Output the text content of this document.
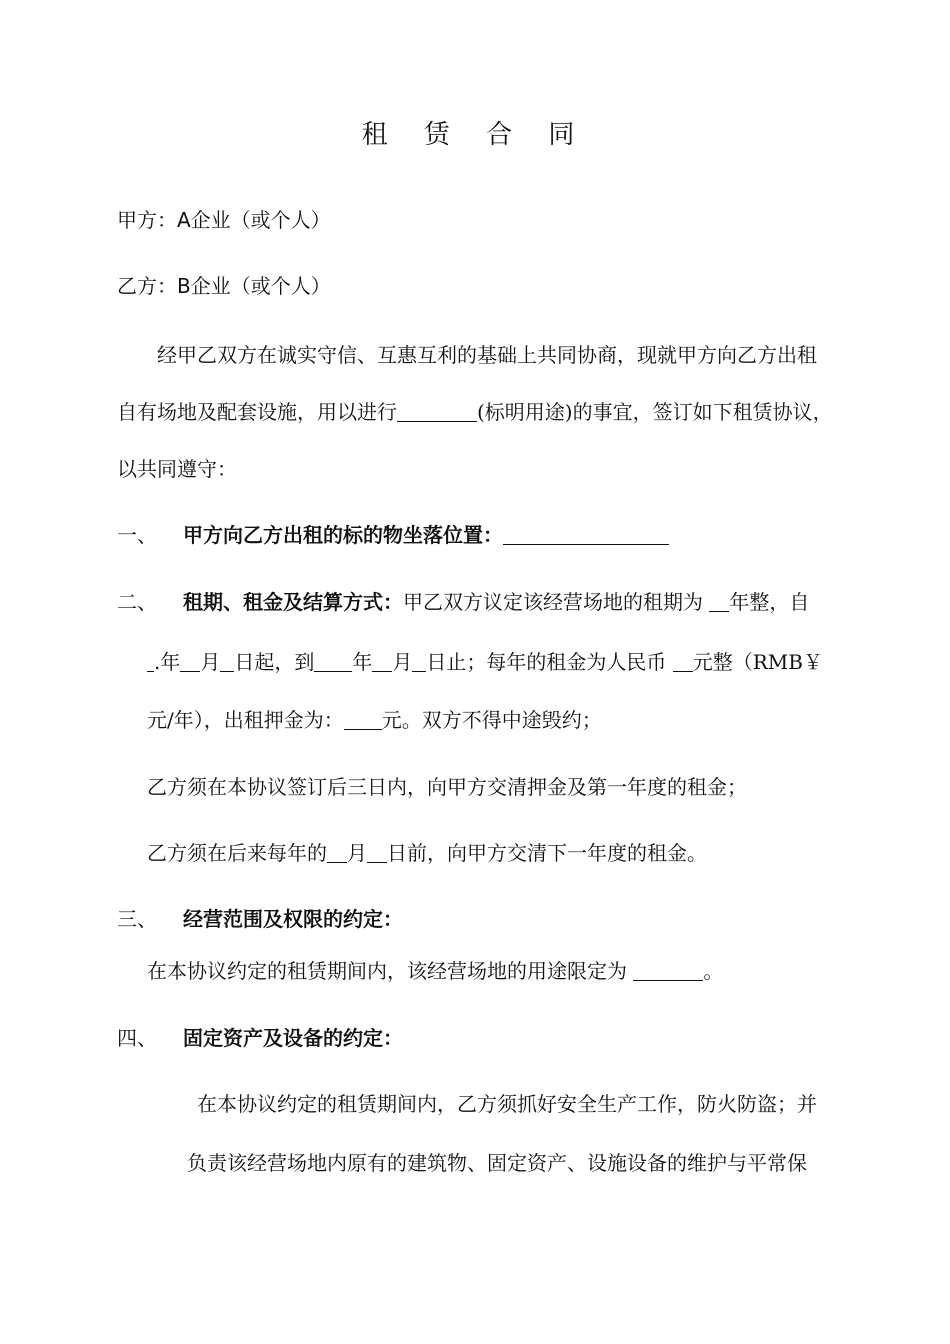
租 赁 合 同
甲方：A企业（或个人）
乙方：B企业（或个人）
经甲乙双方在诚实守信、互惠互利的基础上共同协商，现就甲方向乙方出租
自有场地及配套设施，用以进行	(标明用途)的事宜，签订如下租赁协议，
以共同遵守：
一、 甲方向乙方出租的标的物坐落位置：
二、 租期、租金及结算方式：甲乙双方议定该经营场地的租期为 年整，自
.年 月 日起，到 年 月 日止；每年的租金为人民币 元整（RMB￥
元/年），出租押金为： 元。双方不得中途毁约；
乙方须在本协议签订后三日内，向甲方交清押金及第一年度的租金；
乙方须在后来每年的 月 日前，向甲方交清下一年度的租金。
三、 经营范围及权限的约定：
在本协议约定的租赁期间内，该经营场地的用途限定为	。
四、 固定资产及设备的约定：
在本协议约定的租赁期间内，乙方须抓好安全生产工作，防火防盗；并
负责该经营场地内原有的建筑物、固定资产、设施设备的维护与平常保
